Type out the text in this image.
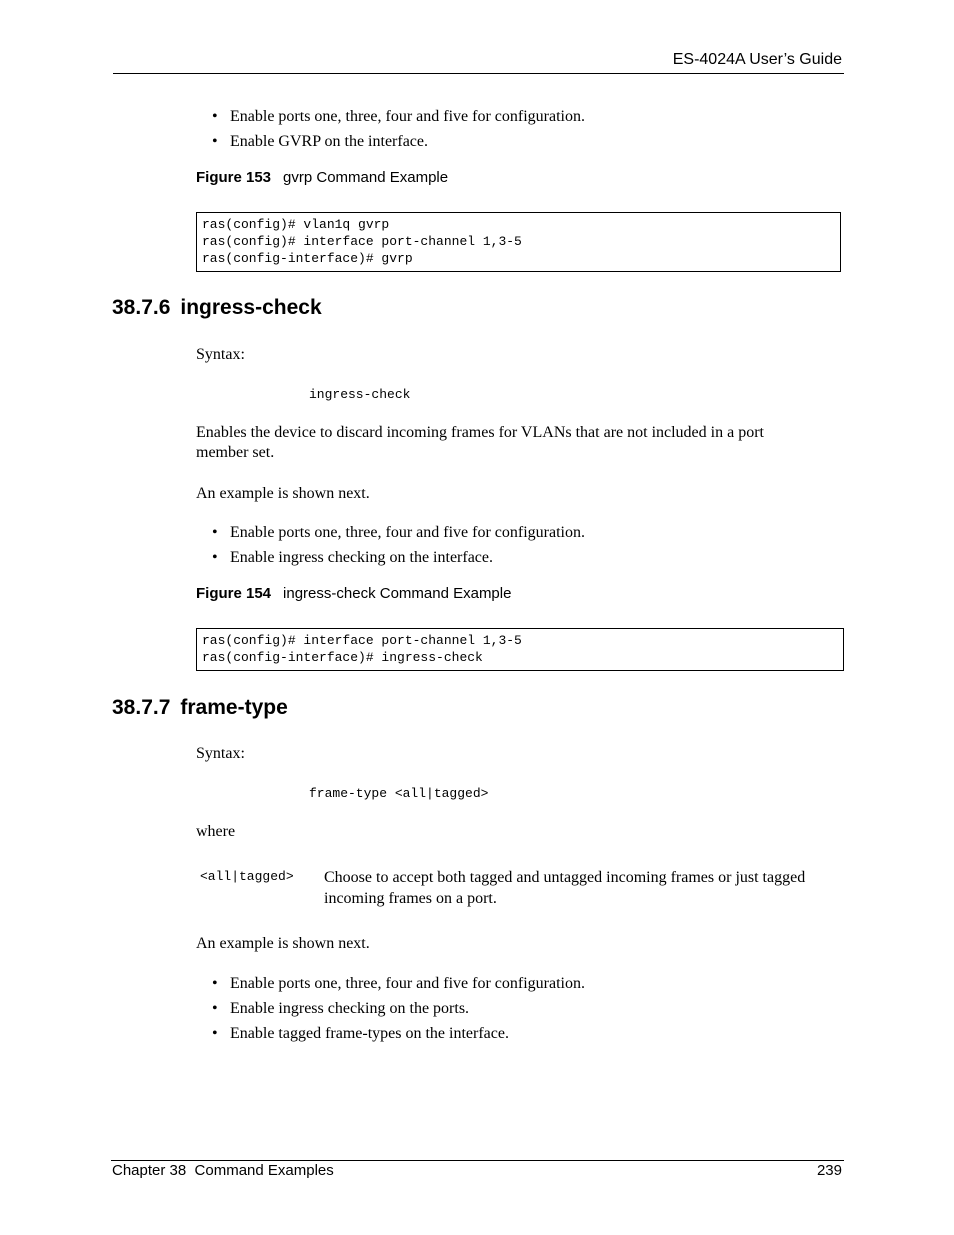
ES-4024A User’s Guide
• Enable ports one, three, four and five for configuration.
• Enable GVRP on the interface.
Figure 153 gvrp Command Example
ras(config)# vlan1q gvrp
ras(config)# interface port-channel 1,3-5
ras(config-interface)# gvrp
38.7.6 ingress-check
Syntax:
ingress-check
Enables the device to discard incoming frames for VLANs that are not included in a port member set.
An example is shown next.
• Enable ports one, three, four and five for configuration.
• Enable ingress checking on the interface.
Figure 154 ingress-check Command Example
ras(config)# interface port-channel 1,3-5
ras(config-interface)# ingress-check
38.7.7 frame-type
Syntax:
frame-type <all|tagged>
where
<all|tagged> Choose to accept both tagged and untagged incoming frames or just tagged incoming frames on a port.
An example is shown next.
• Enable ports one, three, four and five for configuration.
• Enable ingress checking on the ports.
• Enable tagged frame-types on the interface.
Chapter 38  Command Examples	239
